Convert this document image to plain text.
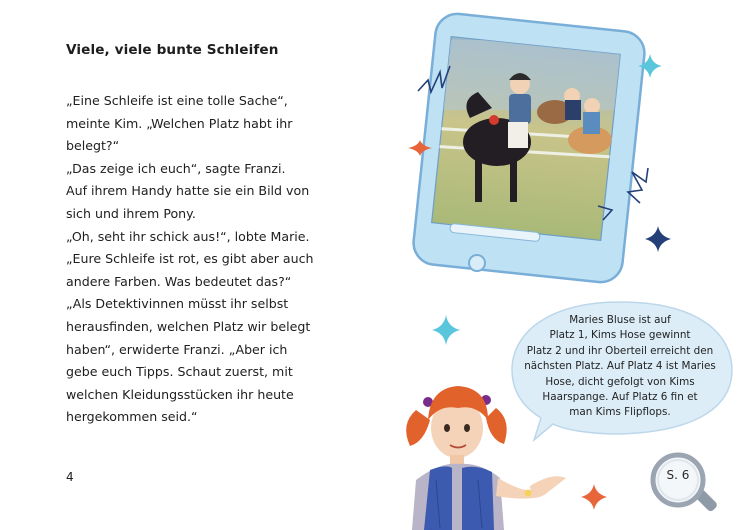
Viele, viele bunte Schleifen

„Eine Schleife ist eine tolle Sache“,

meinte Kim. „Welchen Platz habt ihr

belegt?“

„Das zeige ich euch“, sagte Franzi.

Auf ihrem Handy hatte sie ein Bild von

sich und ihrem Pony.

„Oh, seht ihr schick aus!“, lobte Marie.

„Eure Schleife ist rot, es gibt aber auch

andere Farben. Was bedeutet das?“

„Als Detektivinnen müsst ihr selbst

herausfinden, welchen Platz wir belegt

haben“, erwiderte Franzi. „Aber ich

gebe euch Tipps. Schaut zuerst, mit

welchen Kleidungsstücken ihr heute

hergekommen seid.“

4
Maries Bluse ist auf
Platz 1, Kims Hose gewinnt
Platz 2 und ihr Oberteil erreicht den
nächsten Platz. Auf Platz 4 ist Maries
Hose, dicht gefolgt von Kims
Haarspange. Auf Platz 6 fin et
man Kims Flipflops.
S. 6
